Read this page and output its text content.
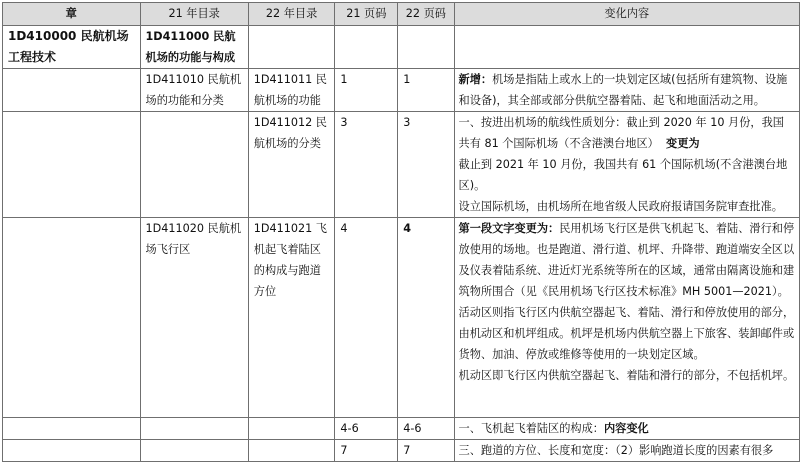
章	21 年目录	22 年目录	21 页码	22 页码	变化内容
1D410000 民航机场工程技术	1D411000 民航机场的功能与构成				
	1D411010 民航机场的功能和分类	1D411011 民航机场的功能	1	1	新增：机场是指陆上或水上的一块划定区域(包括所有建筑物、设施和设备)，其全部或部分供航空器着陆、起飞和地面活动之用。
		1D411012 民航机场的分类	3	3	一、按进出机场的航线性质划分：截止到 2020 年 10 月份，我国共有 81 个国际机场（不含港澳台地区） 变更为
截止到 2021 年 10 月份，我国共有 61 个国际机场(不含港澳台地区)。
设立国际机场，由机场所在地省级人民政府报请国务院审查批准。

	1D411020 民航机场飞行区	1D411021 飞机起飞着陆区的构成与跑道方位	4	4	第一段文字变更为：民用机场飞行区是供飞机起飞、着陆、滑行和停放使用的场地。也是跑道、滑行道、机坪、升降带、跑道端安全区以及仪表着陆系统、进近灯光系统等所在的区域，通常由隔离设施和建筑物所围合（见《民用机场飞行区技术标准》MH 5001—2021）。
活动区则指飞行区内供航空器起飞、着陆、滑行和停放使用的部分，由机动区和机坪组成。机坪是机场内供航空器上下旅客、装卸邮件或货物、加油、停放或维修等使用的一块划定区域。
机动区即飞行区内供航空器起飞、着陆和滑行的部分，不包括机坪。

			4-6	4-6	一、飞机起飞着陆区的构成：内容变化
			7	7	三、跑道的方位、长度和宽度：（2）影响跑道长度的因素有很多
